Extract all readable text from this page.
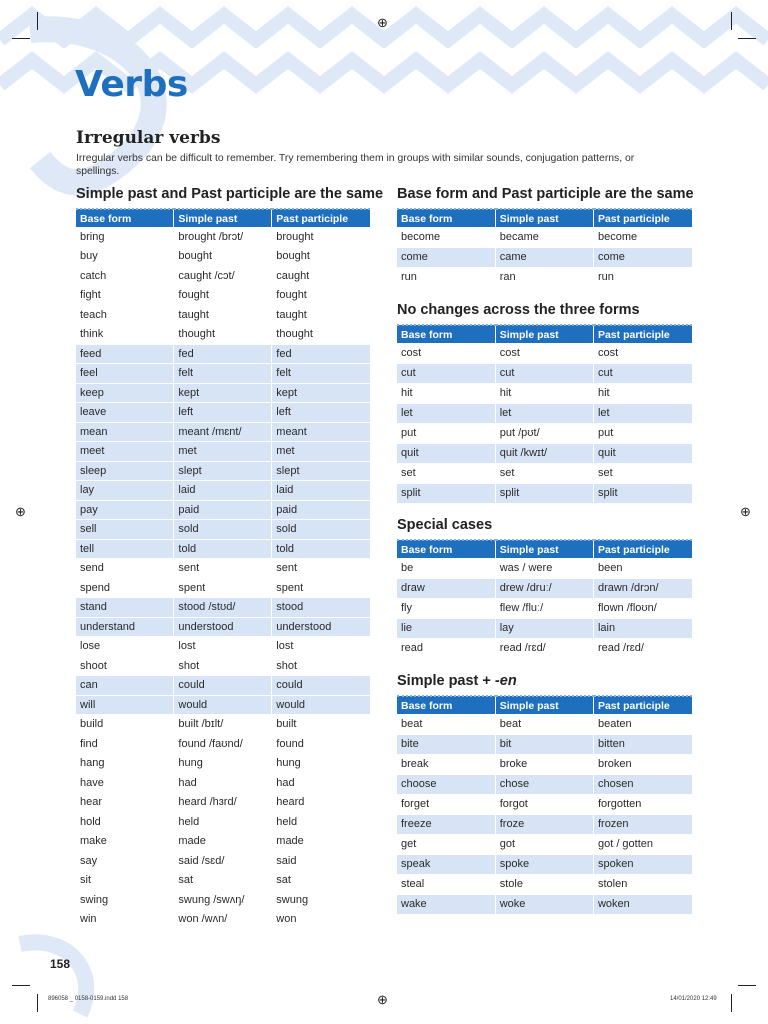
⊕
⊕	⊕
⊕
Verbs
Irregular verbs
Irregular verbs can be difficult to remember. Try remembering them in groups with similar sounds, conjugation patterns, or spellings.
Simple past and Past participle are the same Base form and Past participle are the same
No changes across the three forms
Special cases
Simple past + -en
Base form	Simple past	Past participle
bring	brought /brɔt/	brought
buy	bought	bought
catch	caught /cɔt/	caught
fight	fought	fought
teach	taught	taught
think	thought	thought
feed	fed	fed
feel	felt	felt
keep	kept	kept
leave	left	left
mean	meant /mɛnt/	meant
meet	met	met
sleep	slept	slept
lay	laid	laid
pay	paid	paid
sell	sold	sold
tell	told	told
send	sent	sent
spend	spent	spent
stand	stood /stʊd/	stood
understand	understood	understood
lose	lost	lost
shoot	shot	shot
can	could	could
will	would	would
build	built /bɪlt/	built
find	found /faʊnd/	found
hang	hung	hung
have	had	had
hear	heard /hɜrd/	heard
hold	held	held
make	made	made
say	said /sɛd/	said
sit	sat	sat
swing	swung /swʌŋ/	swung
win	won /wʌn/	won
Base form	Simple past	Past participle
become	became	become
come	came	come
run	ran	run
Base form	Simple past	Past participle
cost	cost	cost
cut	cut	cut
hit	hit	hit
let	let	let
put	put /pʊt/	put
quit	quit /kwɪt/	quit
set	set	set
split	split	split
Base form	Simple past	Past participle
be	was / were	been
draw	drew /druː/	drawn /drɔn/
fly	flew /fluː/	flown /floʊn/
lie	lay	lain
read	read /rɛd/	read /rɛd/
Base form	Simple past	Past participle
beat	beat	beaten
bite	bit	bitten
break	broke	broken
choose	chose	chosen
forget	forgot	forgotten
freeze	froze	frozen
get	got	got / gotten
speak	spoke	spoken
steal	stole	stolen
wake	woke	woken
158
896058 _ 0158-0159.indd 158	14/01/2020 12:49
